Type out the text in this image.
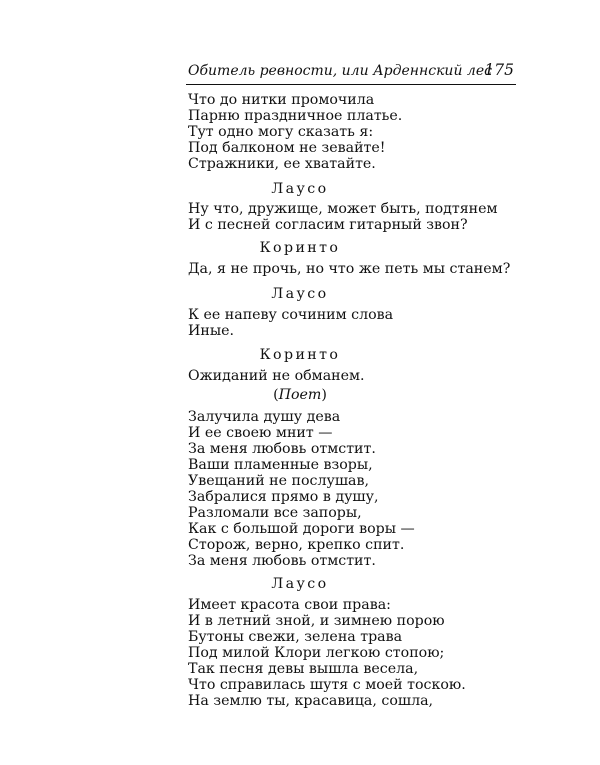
Обитель ревности, или Арденнский лес
175
Что до нитки промочила
Парню праздничное платье.
Тут одно могу сказать я:
Под балконом не зевайте!
Стражники, ее хватайте.
Лаусо
Ну что, дружище, может быть, подтянем
И с песней согласим гитарный звон?
Коринто
Да, я не прочь, но что же петь мы станем?
Лаусо
К ее напеву сочиним слова
Иные.
Коринто
Ожиданий не обманем.
(Поет)
Залучила душу дева
И ее своею мнит —
За меня любовь отмстит.
Ваши пламенные взоры,
Увещаний не послушав,
Забралися прямо в душу,
Разломали все запоры,
Как с большой дороги воры —
Сторож, верно, крепко спит.
За меня любовь отмстит.
Лаусо
Имеет красота свои права:
И в летний зной, и зимнею порою
Бутоны свежи, зелена трава
Под милой Клори легкою стопою;
Так песня девы вышла весела,
Что справилась шутя с моей тоскою.
На землю ты, красавица, сошла,
